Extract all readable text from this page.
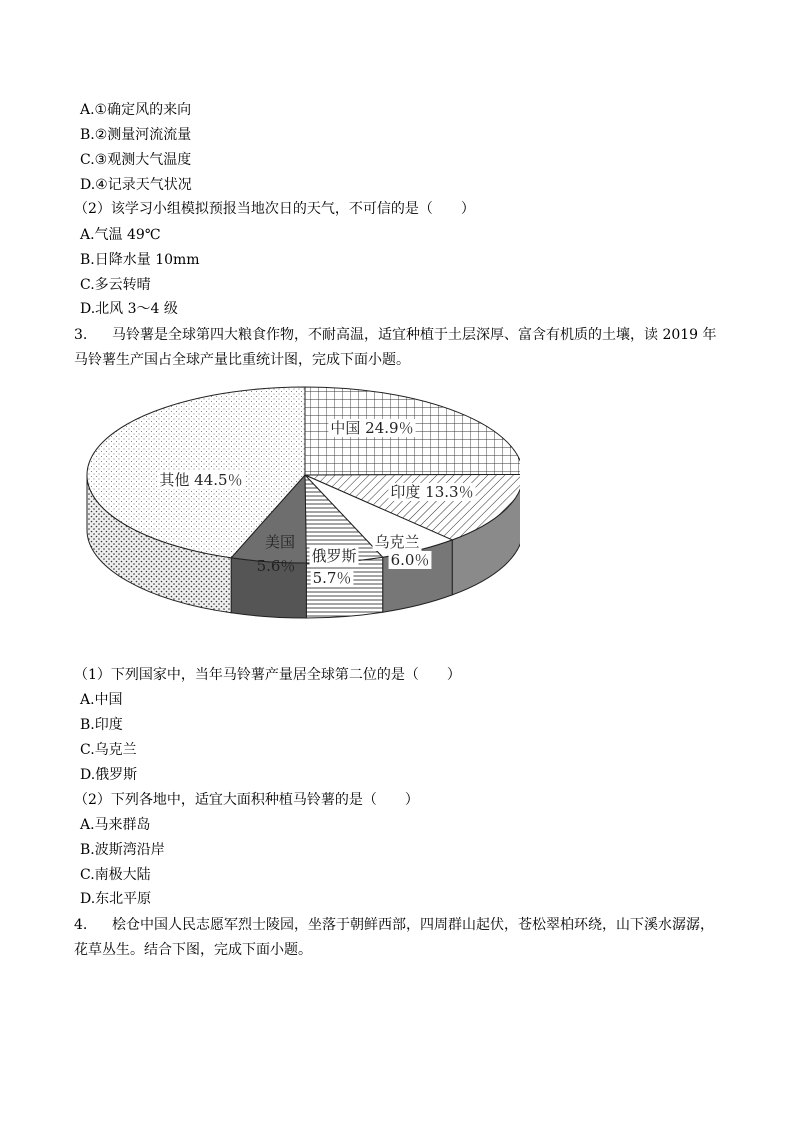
A.①确定风的来向
B.②测量河流流量
C.③观测大气温度
D.④记录天气状况
（2）该学习小组模拟预报当地次日的天气，不可信的是（　　）
A.气温 49℃
B.日降水量 10mm
C.多云转晴
D.北风 3～4 级
3. 马铃薯是全球第四大粮食作物，不耐高温，适宜种植于土层深厚、富含有机质的土壤，读 2019 年
马铃薯生产国占全球产量比重统计图，完成下面小题。
中国 24.9％
印度 13.3％
乌克兰
6.0％
俄罗斯
5.7％
美国
5.6％
其他 44.5％
（1）下列国家中，当年马铃薯产量居全球第二位的是（　　）
A.中国
B.印度
C.乌克兰
D.俄罗斯
（2）下列各地中，适宜大面积种植马铃薯的是（　　）
A.马来群岛
B.波斯湾沿岸
C.南极大陆
D.东北平原
4. 桧仓中国人民志愿军烈士陵园，坐落于朝鲜西部，四周群山起伏，苍松翠柏环绕，山下溪水潺潺，
花草丛生。结合下图，完成下面小题。
